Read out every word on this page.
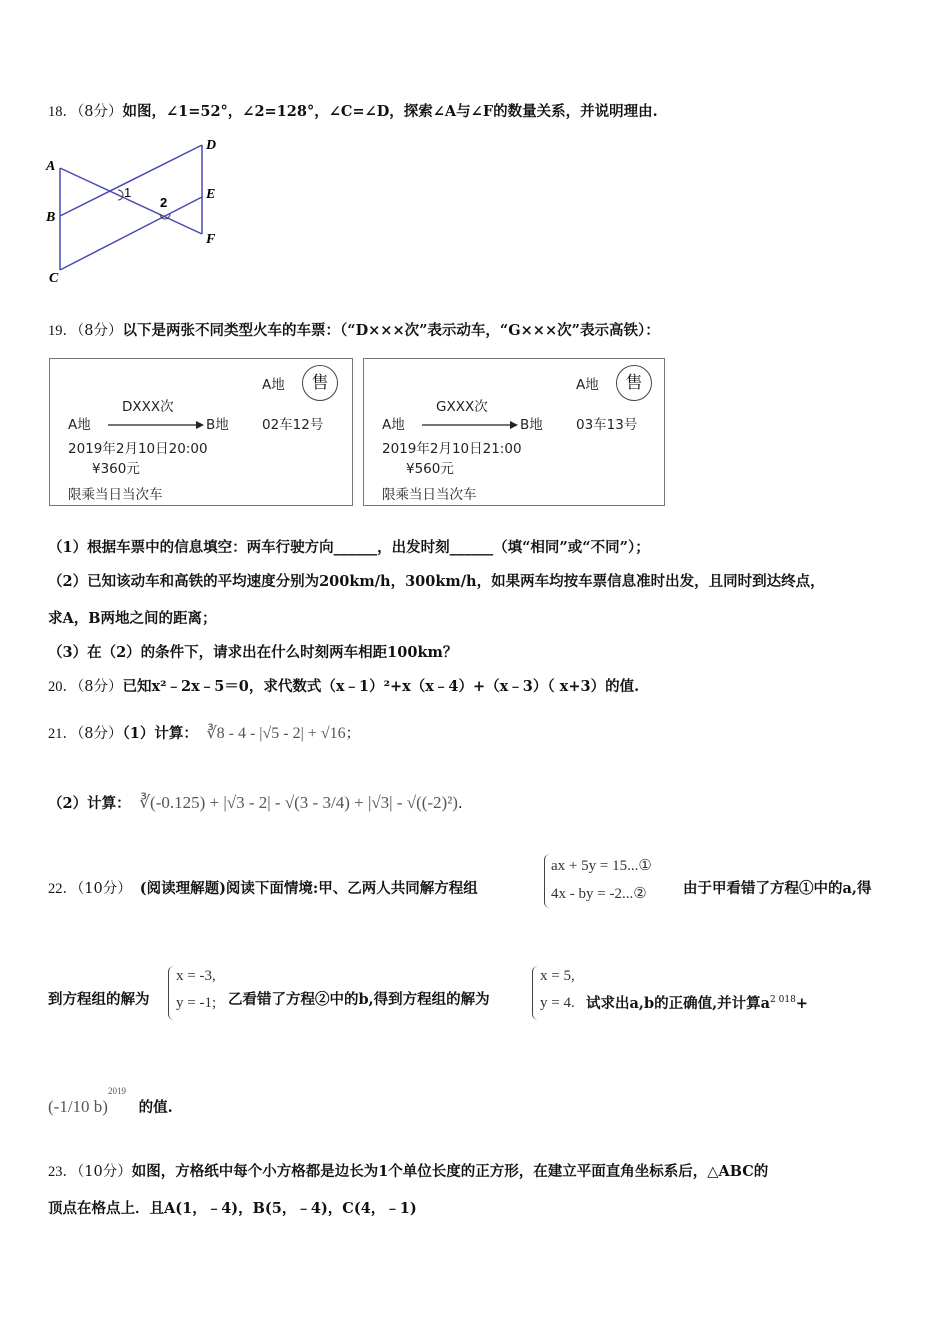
18．（8分）如图，∠1=52°，∠2=128°，∠C=∠D，探索∠A与∠F的数量关系，并说明理由.
A
B
C
D
E
F
1
2
19．（8分）以下是两张不同类型火车的车票：（“D×××次”表示动车，“G×××次”表示高铁）：
A地	售
DXXX次
A地	B地 02车12号
2019年2月10日20:00
¥360元
限乘当日当次车
A地	售
GXXX次
A地	B地 03车13号
2019年2月10日21:00
¥560元
限乘当日当次车
（1）根据车票中的信息填空：两车行驶方向______，出发时刻______（填“相同”或“不同”）；
（2）已知该动车和高铁的平均速度分别为200km/h，300km/h，如果两车均按车票信息准时出发，且同时到达终点，
求A，B两地之间的距离；
（3）在（2）的条件下，请求出在什么时刻两车相距100km？
20．（8分）已知x²﹣2x﹣5＝0，求代数式（x﹣1）²+x（x﹣4）+（x﹣3）（ x+3）的值.
21．（8分）（1）计算： ∛8 - 4 - |√5 - 2| + √16；
（2）计算： ∛(-0.125) + |√3 - 2| - √(3 - 3/4) + |√3| - √((-2)²).
22．（10分） (阅读理解题)阅读下面情境:甲、乙两人共同解方程组
ax + 5y = 15...①
4x - by = -2...②	由于甲看错了方程①中的a,得
到方程组的解为
x = -3,
y = -1; 乙看错了方程②中的b,得到方程组的解为
x = 5,
y = 4. 试求出a,b的正确值,并计算$a^{2 018}+$
(-1/10 b)$^{2019}$ 的值.
23．（10分）如图，方格纸中每个小方格都是边长为1个单位长度的正方形，在建立平面直角坐标系后，△ABC的
顶点在格点上．且A(1，﹣4)，B(5，﹣4)，C(4，﹣1)
